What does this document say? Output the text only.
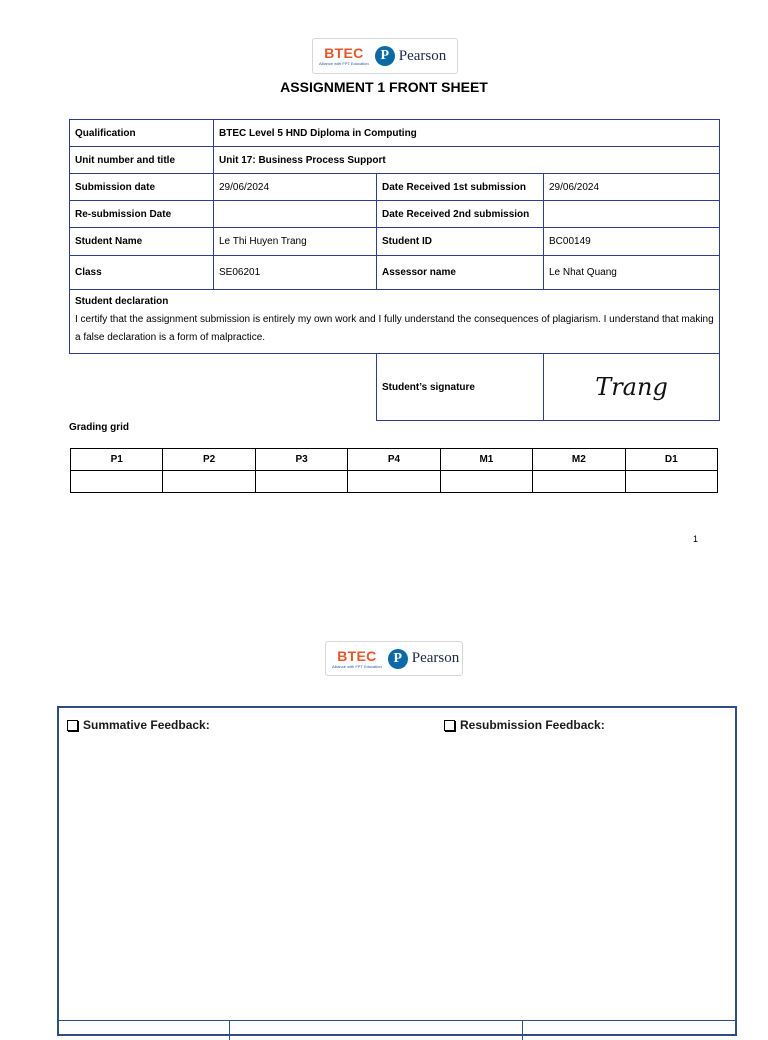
BTEC
Alliance with FPT Education
P Pearson
ASSIGNMENT 1 FRONT SHEET
Qualification	BTEC Level 5 HND Diploma in Computing		
Unit number and title	Unit 17: Business Process Support		
Submission date	29/06/2024	Date Received 1st submission	29/06/2024
Re-submission Date		Date Received 2nd submission	
Student Name	Le Thi Huyen Trang	Student ID	BC00149
Class	SE06201	Assessor name	Le Nhat Quang

Student declaration
I certify that the assignment submission is entirely my own work and I fully understand the consequences of plagiarism. I understand that making a false declaration is a form of malpractice.			

		Student’s signature	Trang
Grading grid
P1	P2	P3	P4	M1	M2	D1

1
BTEC
Alliance with FPT Education
P Pearson
Summative Feedback:	Resubmission Feedback:
